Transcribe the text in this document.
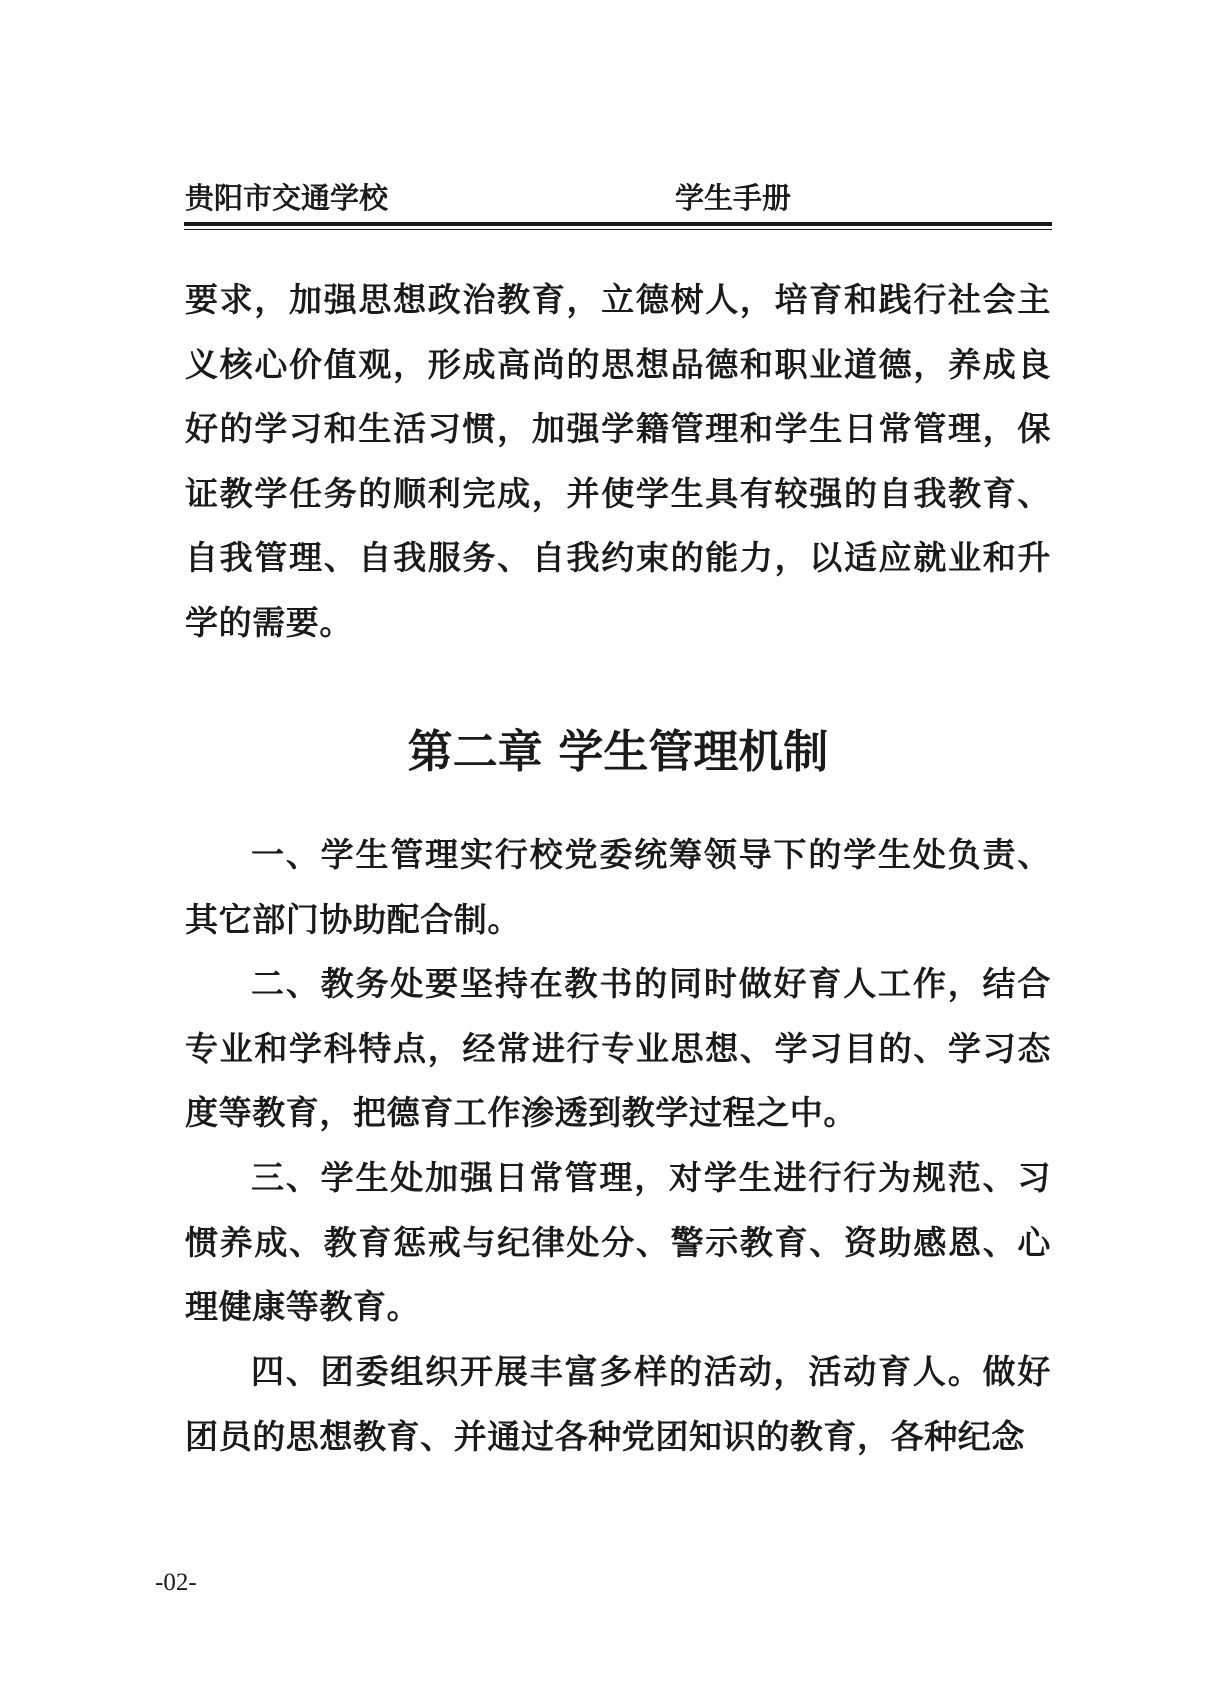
贵阳市交通学校	学生手册

要求，加强思想政治教育，立德树人，培育和践行社会主义核心价值观，形成高尚的思想品德和职业道德，养成良好的学习和生活习惯，加强学籍管理和学生日常管理，保证教学任务的顺利完成，并使学生具有较强的自我教育、自我管理、自我服务、自我约束的能力，以适应就业和升学的需要。

第二章 学生管理机制

一、学生管理实行校党委统筹领导下的学生处负责、其它部门协助配合制。

二、教务处要坚持在教书的同时做好育人工作，结合专业和学科特点，经常进行专业思想、学习目的、学习态度等教育，把德育工作渗透到教学过程之中。

三、学生处加强日常管理，对学生进行行为规范、习惯养成、教育惩戒与纪律处分、警示教育、资助感恩、心理健康等教育。

四、团委组织开展丰富多样的活动，活动育人。做好团员的思想教育、并通过各种党团知识的教育，各种纪念

-02-
